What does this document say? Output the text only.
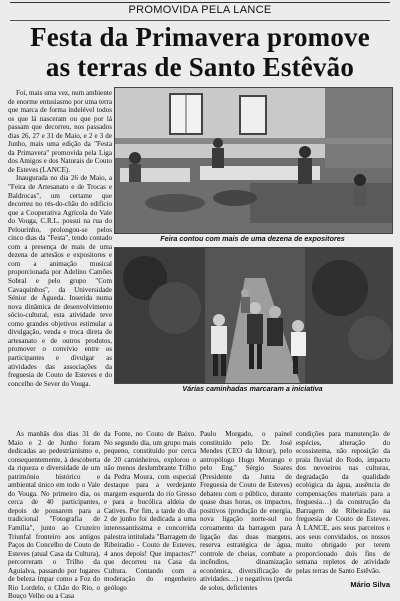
PROMOVIDA PELA LANCE
Festa da Primavera promove
as terras de Santo Estêvão

Foi, mais uma vez, num ambiente de enorme entusiasmo por uma terra que marca de forma indelével todos os que lá nasceram ou que por lá passam que decorreu, nos passados dias 26, 27 e 31 de Maio, e 2 e 3 de Junho, mais uma edição da "Festa da Primavera" promovida pela Liga dos Amigos e dos Naturais de Couto de Esteves (LANCE).

Inaugurada no dia 26 de Maio, a "Feira de Artesanato e de Trocas e Baldrocas", um certame que decorreu no rés-do-chão do edifício que a Cooperativa Agrícola do Vale do Vouga, C.R.L. possui na rua do Pelourinho, prolongou-se pelos cinco dias da "Festa", tendo contado com a presença de mais de uma dezena de artesãos e expositores e com a animação musical proporcionada por Adelino Camões Sobral e pelo grupo "Com Cavaquinhos", da Universidade Sénior de Águeda. Inserida numa nova dinâmica de desenvolvimento sócio-cultural, esta atividade teve como grandes objetivos estimular a divulgação, venda e troca direta de artesanato e de outros produtos, promover o convívio entre os participantes e divulgar as atividades das associações da freguesia de Couto de Esteves e do concelho de Sever do Vouga.

Feira contou com mais de uma dezena de expositores
Várias caminhadas marcaram a iniciativa

As manhãs dos dias 31 de Maio e 2 de Junho foram dedicadas ao pedestrianismo e, consequentemente, à descoberta da riqueza e diversidade de um património histórico e ambiental único em todo o Vale do Vouga. No primeiro dia, os cerca de 40 participantes, depois de pousarem para a tradicional "Fotografia de Família", junto ao Cruzeiro Triunfal fronteiro aos antigos Paços do Concelho de Couto de Esteves (atual Casa da Cultura), percorreram o Trilho da Aguialva, passando por lugares de beleza ímpar como a Foz do Rio Lordelo, o Chão do Rio, o Bouço Velho ou a Casa

da Fonte, no Couto de Baixo. No segundo dia, um grupo mais pequeno, constituído por cerca de 20 caminheiros, explorou o não menos deslumbrante Trilho da Pedra Moura, com especial destaque para a verdejante margem esquerda do rio Gresso e para a bucólica aldeia de Catives. Por fim, a tarde do dia 2 de junho foi dedicada a uma interessantíssima e concorrida palestra intitulada "Barragem de Ribeiradio - Couto de Esteves, 4 anos depois! Que impactos?" que decorreu na Casa da Cultura. Contando com a moderação do engenheiro geólogo

Paulo Morgado, o painel constituído pelo Dr. José Mendes (CEO da Idtour), pelo antropólogo Hugo Morango e pelo Eng.º Sérgio Soares (Presidente da Junta de Freguesia de Couto de Esteves) debateu com o público, durante quase duas horas, os impactos, positivos (produção de energia, nova ligação norte-sul no coroamento da barragem para ligação das duas margens, reserva estratégica de água, controle de cheias, combate a incêndios, dinamização económica, diversificação de atividades…) e negativos (perda de solos, deficientes

condições para manutenção de espécies, alteração do ecossistema, não reposição da praia fluvial do Rodo, impacto dos nevoeiros nas culturas, degradação da qualidade ecológica da água, ausência de compensações materiais para a freguesia…) da construção da Barragem de Ribeiradio na freguesia de Couto de Esteves. À LANCE, aos seus parceiros e aos seus convidados, os nossos muito obrigado por terem proporcionado dois fins de semana repletos de atividade pelas terras de Santo Estêvão.

Mário Silva
